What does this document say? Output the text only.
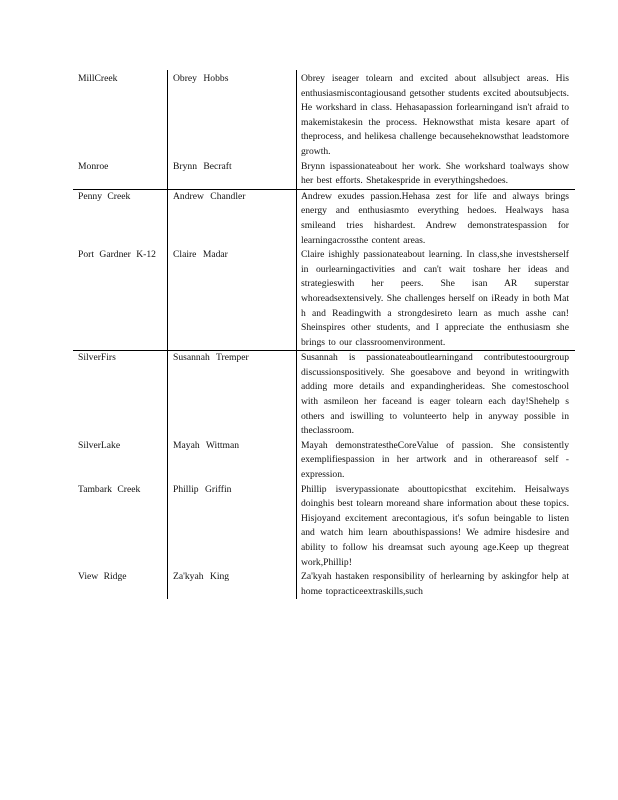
MillCreek	Obrey Hobbs	Obrey iseager tolearn and excited about allsubject areas. His enthusiasmiscontagiousand getsother students excited aboutsubjects. He workshard in class. Hehasapassion forlearningand isn't afraid to makemistakesin the process. Heknowsthat mista kesare apart of theprocess, and helikesa challenge becauseheknowsthat leadstomore growth.
Monroe	Brynn Becraft	Brynn ispassionateabout her work. She workshard toalways show her best efforts. Shetakespride in everythingshedoes.
Penny Creek	Andrew Chandler	Andrew exudes passion.Hehasa zest for life and always brings energy and enthusiasmto everything hedoes. Healways hasa smileand tries hishardest. Andrew demonstratespassion for learningacrossthe content areas.
Port Gardner K-12	Claire Madar	Claire ishighly passionateabout learning. In class,she investsherself in ourlearningactivities and can't wait toshare her ideas and strategieswith her peers. She isan AR superstar whoreadsextensively. She challenges herself on iReady in both Mat h and Readingwith a strongdesireto learn as much asshe can! Sheinspires other students, and I appreciate the enthusiasm she brings to our classroomenvironment.
SilverFirs	Susannah Tremper	Susannah is passionateaboutlearningand contributestoourgroup discussionspositively. She goesabove and beyond in writingwith adding more details and expandingherideas. She comestoschool with asmileon her faceand is eager tolearn each day!Shehelp s others and iswilling to volunteerto help in anyway possible in theclassroom.
SilverLake	Mayah Wittman	Mayah demonstratestheCoreValue of passion. She consistently exemplifiespassion in her artwork and in otherareasof self -expression.
Tambark Creek	Phillip Griffin	Phillip isverypassionate abouttopicsthat excitehim. Heisalways doinghis best tolearn moreand share information about these topics. Hisjoyand excitement arecontagious, it's sofun beingable to listen and watch him learn abouthispassions! We admire hisdesire and ability to follow his dreamsat such ayoung age.Keep up thegreat work,Phillip!
View Ridge	Za'kyah King	Za'kyah hastaken responsibility of herlearning by askingfor help at home topracticeextraskills,such
